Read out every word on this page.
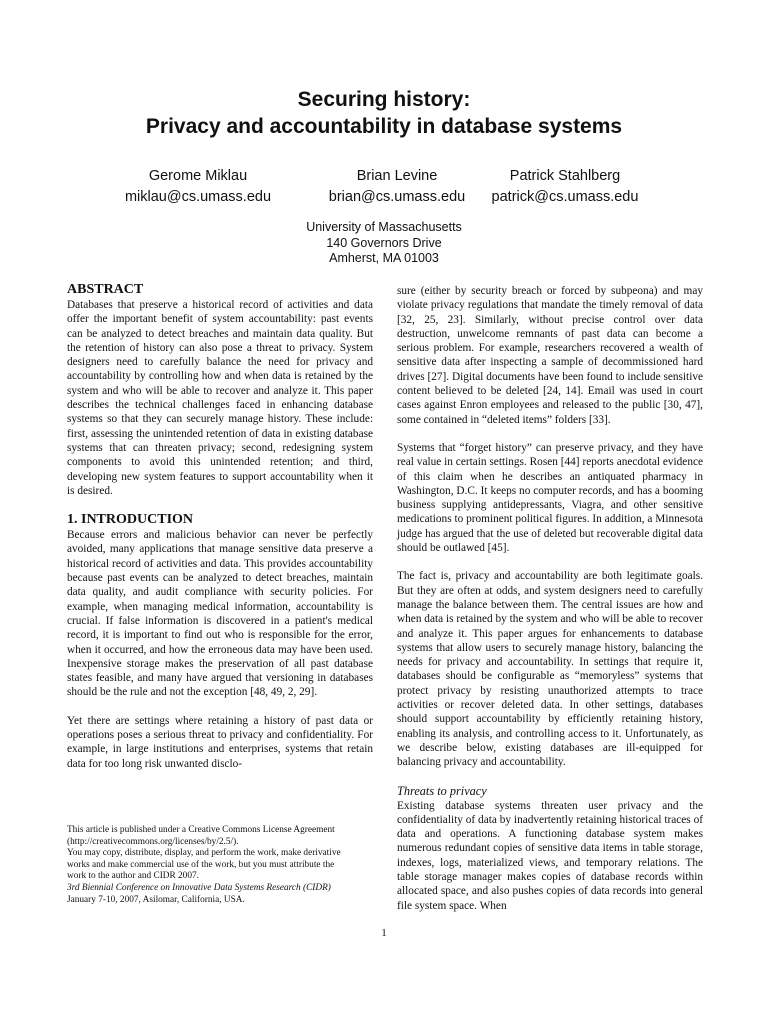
Securing history:
Privacy and accountability in database systems
Gerome Miklau
miklau@cs.umass.edu
Brian Levine
brian@cs.umass.edu
Patrick Stahlberg
patrick@cs.umass.edu
University of Massachusetts
140 Governors Drive
Amherst, MA 01003
ABSTRACT

Databases that preserve a historical record of activities and data offer the important benefit of system accountability: past events can be analyzed to detect breaches and maintain data quality. But the retention of history can also pose a threat to privacy. System designers need to carefully balance the need for privacy and accountability by controlling how and when data is retained by the system and who will be able to recover and analyze it. This paper describes the technical challenges faced in enhancing database systems so that they can securely manage history. These include: first, assessing the unintended retention of data in existing database systems that can threaten privacy; second, redesigning system components to avoid this unintended retention; and third, developing new system features to support accountability when it is desired.

1. INTRODUCTION

Because errors and malicious behavior can never be perfectly avoided, many applications that manage sensitive data preserve a historical record of activities and data. This provides accountability because past events can be analyzed to detect breaches, maintain data quality, and audit compliance with security policies. For example, when managing medical information, accountability is crucial. If false information is discovered in a patient's medical record, it is important to find out who is responsible for the error, when it occurred, and how the erroneous data may have been used. Inexpensive storage makes the preservation of all past database states feasible, and many have argued that versioning in databases should be the rule and not the exception [48, 49, 2, 29].

Yet there are settings where retaining a history of past data or operations poses a serious threat to privacy and confidentiality. For example, in large institutions and enterprises, systems that retain data for too long risk unwanted disclo-

sure (either by security breach or forced by subpeona) and may violate privacy regulations that mandate the timely removal of data [32, 25, 23]. Similarly, without precise control over data destruction, unwelcome remnants of past data can become a serious problem. For example, researchers recovered a wealth of sensitive data after inspecting a sample of decommissioned hard drives [27]. Digital documents have been found to include sensitive content believed to be deleted [24, 14]. Email was used in court cases against Enron employees and released to the public [30, 47], some contained in “deleted items” folders [33].

Systems that “forget history” can preserve privacy, and they have real value in certain settings. Rosen [44] reports anecdotal evidence of this claim when he describes an antiquated pharmacy in Washington, D.C. It keeps no computer records, and has a booming business supplying antidepressants, Viagra, and other sensitive medications to prominent political figures. In addition, a Minnesota judge has argued that the use of deleted but recoverable digital data should be outlawed [45].

The fact is, privacy and accountability are both legitimate goals. But they are often at odds, and system designers need to carefully manage the balance between them. The central issues are how and when data is retained by the system and who will be able to recover and analyze it. This paper argues for enhancements to database systems that allow users to securely manage history, balancing the needs for privacy and accountability. In settings that require it, databases should be configurable as “memoryless” systems that protect privacy by resisting unauthorized attempts to trace activities or recover deleted data. In other settings, databases should support accountability by efficiently retaining history, enabling its analysis, and controlling access to it. Unfortunately, as we describe below, existing databases are ill-equipped for balancing privacy and accountability.

Threats to privacy

Existing database systems threaten user privacy and the confidentiality of data by inadvertently retaining historical traces of data and operations. A functioning database system makes numerous redundant copies of sensitive data items in table storage, indexes, logs, materialized views, and temporary relations. The table storage manager makes copies of database records within allocated space, and also pushes copies of data records into general file system space. When

This article is published under a Creative Commons License Agreement
(http://creativecommons.org/licenses/by/2.5/).
You may copy, distribute, display, and perform the work, make derivative
works and make commercial use of the work, but you must attribute the
work to the author and CIDR 2007.
3rd Biennial Conference on Innovative Data Systems Research (CIDR)
January 7-10, 2007, Asilomar, California, USA.
1
